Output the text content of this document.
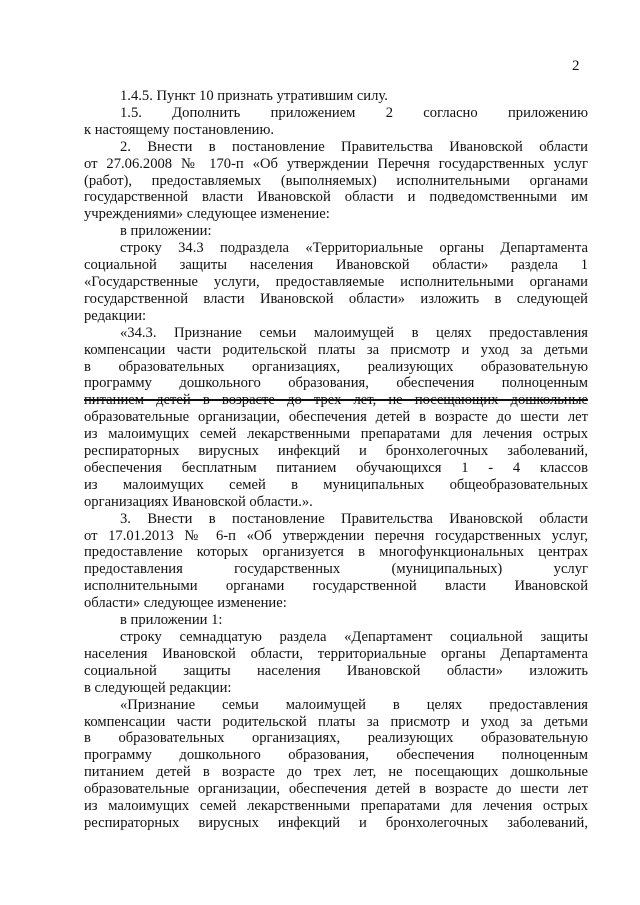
2
1.4.5. Пункт 10 признать утратившим силу.
1.5. Дополнить приложением 2 согласно приложению
к настоящему постановлению.
2. Внести в постановление Правительства Ивановской области
от 27.06.2008 № 170-п «Об утверждении Перечня государственных услуг
(работ), предоставляемых (выполняемых) исполнительными органами
государственной власти Ивановской области и подведомственными им
учреждениями» следующее изменение:
в приложении:
строку 34.3 подраздела «Территориальные органы Департамента
социальной защиты населения Ивановской области» раздела 1
«Государственные услуги, предоставляемые исполнительными органами
государственной власти Ивановской области» изложить в следующей
редакции:
«34.3. Признание семьи малоимущей в целях предоставления
компенсации части родительской платы за присмотр и уход за детьми
в образовательных организациях, реализующих образовательную
программу дошкольного образования, обеспечения полноценным
питанием детей в возрасте до трех лет, не посещающих дошкольные
образовательные организации, обеспечения детей в возрасте до шести лет
из малоимущих семей лекарственными препаратами для лечения острых
респираторных вирусных инфекций и бронхолегочных заболеваний,
обеспечения бесплатным питанием обучающихся 1 - 4 классов
из малоимущих семей в муниципальных общеобразовательных
организациях Ивановской области.».
3. Внести в постановление Правительства Ивановской области
от 17.01.2013 № 6-п «Об утверждении перечня государственных услуг,
предоставление которых организуется в многофункциональных центрах
предоставления государственных (муниципальных) услуг
исполнительными органами государственной власти Ивановской
области» следующее изменение:
в приложении 1:
строку семнадцатую раздела «Департамент социальной защиты
населения Ивановской области, территориальные органы Департамента
социальной защиты населения Ивановской области» изложить
в следующей редакции:
«Признание семьи малоимущей в целях предоставления
компенсации части родительской платы за присмотр и уход за детьми
в образовательных организациях, реализующих образовательную
программу дошкольного образования, обеспечения полноценным
питанием детей в возрасте до трех лет, не посещающих дошкольные
образовательные организации, обеспечения детей в возрасте до шести лет
из малоимущих семей лекарственными препаратами для лечения острых
респираторных вирусных инфекций и бронхолегочных заболеваний,
